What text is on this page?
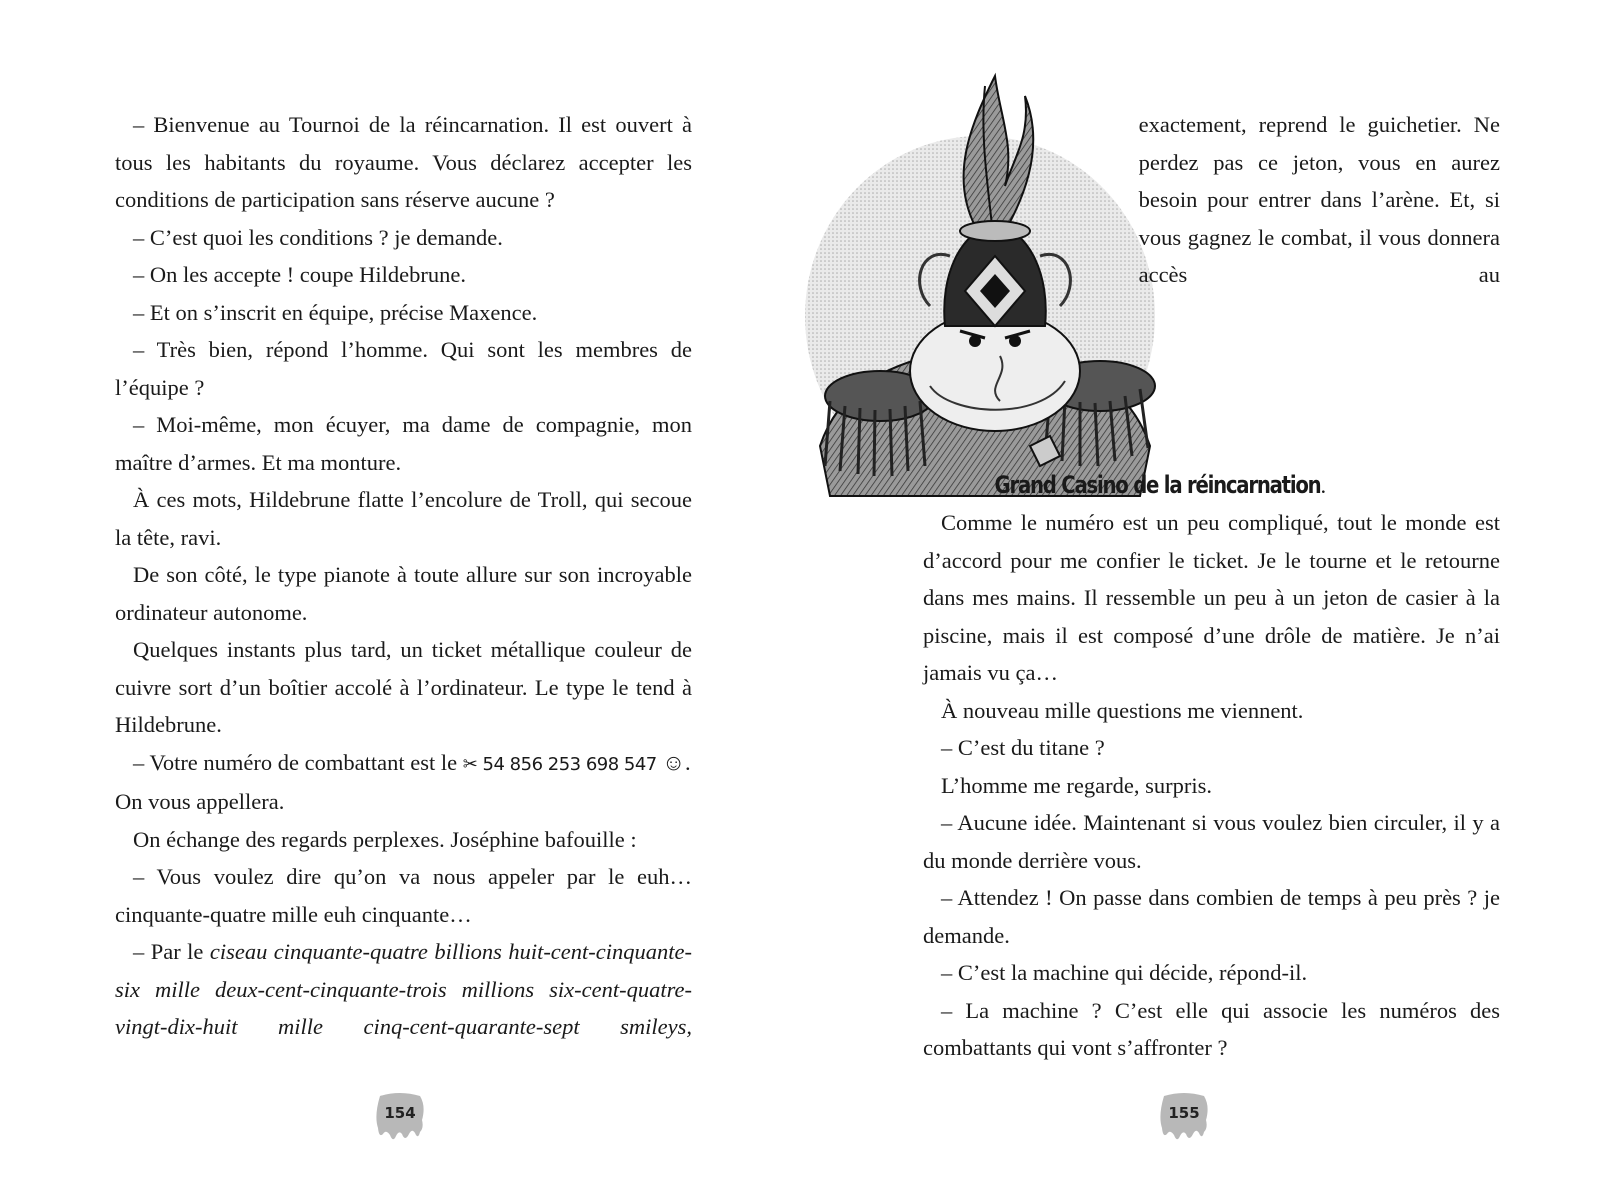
– Bienvenue au Tournoi de la réincarnation. Il est ouvert à tous les habitants du royaume. Vous déclarez accepter les conditions de participation sans réserve aucune ?

– C’est quoi les conditions ? je demande.

– On les accepte ! coupe Hildebrune.

– Et on s’inscrit en équipe, précise Maxence.

– Très bien, répond l’homme. Qui sont les membres de l’équipe ?

– Moi-même, mon écuyer, ma dame de compagnie, mon maître d’armes. Et ma monture.

À ces mots, Hildebrune flatte l’encolure de Troll, qui secoue la tête, ravi.

De son côté, le type pianote à toute allure sur son incroyable ordinateur autonome.

Quelques instants plus tard, un ticket métallique couleur de cuivre sort d’un boîtier accolé à l’ordinateur. Le type le tend à Hildebrune.

– Votre numéro de combattant est le ✂ 54 856 253 698 547 ☺.

On vous appellera.

On échange des regards perplexes. Joséphine bafouille :

– Vous voulez dire qu’on va nous appeler par le euh… cinquante-quatre mille euh cinquante…

– Par le ciseau cinquante-quatre billions huit-cent-cinquante-six mille deux-cent-cinquante-trois millions six-cent-quatre-vingt-dix-huit mille cinq-cent-quarante-sept smileys,

154
exactement, reprend le guichetier. Ne perdez pas ce jeton, vous en aurez besoin pour entrer dans l’arène. Et, si vous gagnez le combat, il vous donnera accès au Grand Casino de la réincarnation.

Comme le numéro est un peu compliqué, tout le monde est d’accord pour me confier le ticket. Je le tourne et le retourne dans mes mains. Il ressemble un peu à un jeton de casier à la piscine, mais il est composé d’une drôle de matière. Je n’ai jamais vu ça…

À nouveau mille questions me viennent.

– C’est du titane ?

L’homme me regarde, surpris.

– Aucune idée. Maintenant si vous voulez bien circuler, il y a du monde derrière vous.

– Attendez ! On passe dans combien de temps à peu près ? je demande.

– C’est la machine qui décide, répond-il.

– La machine ? C’est elle qui associe les numéros des combattants qui vont s’affronter ?

155
